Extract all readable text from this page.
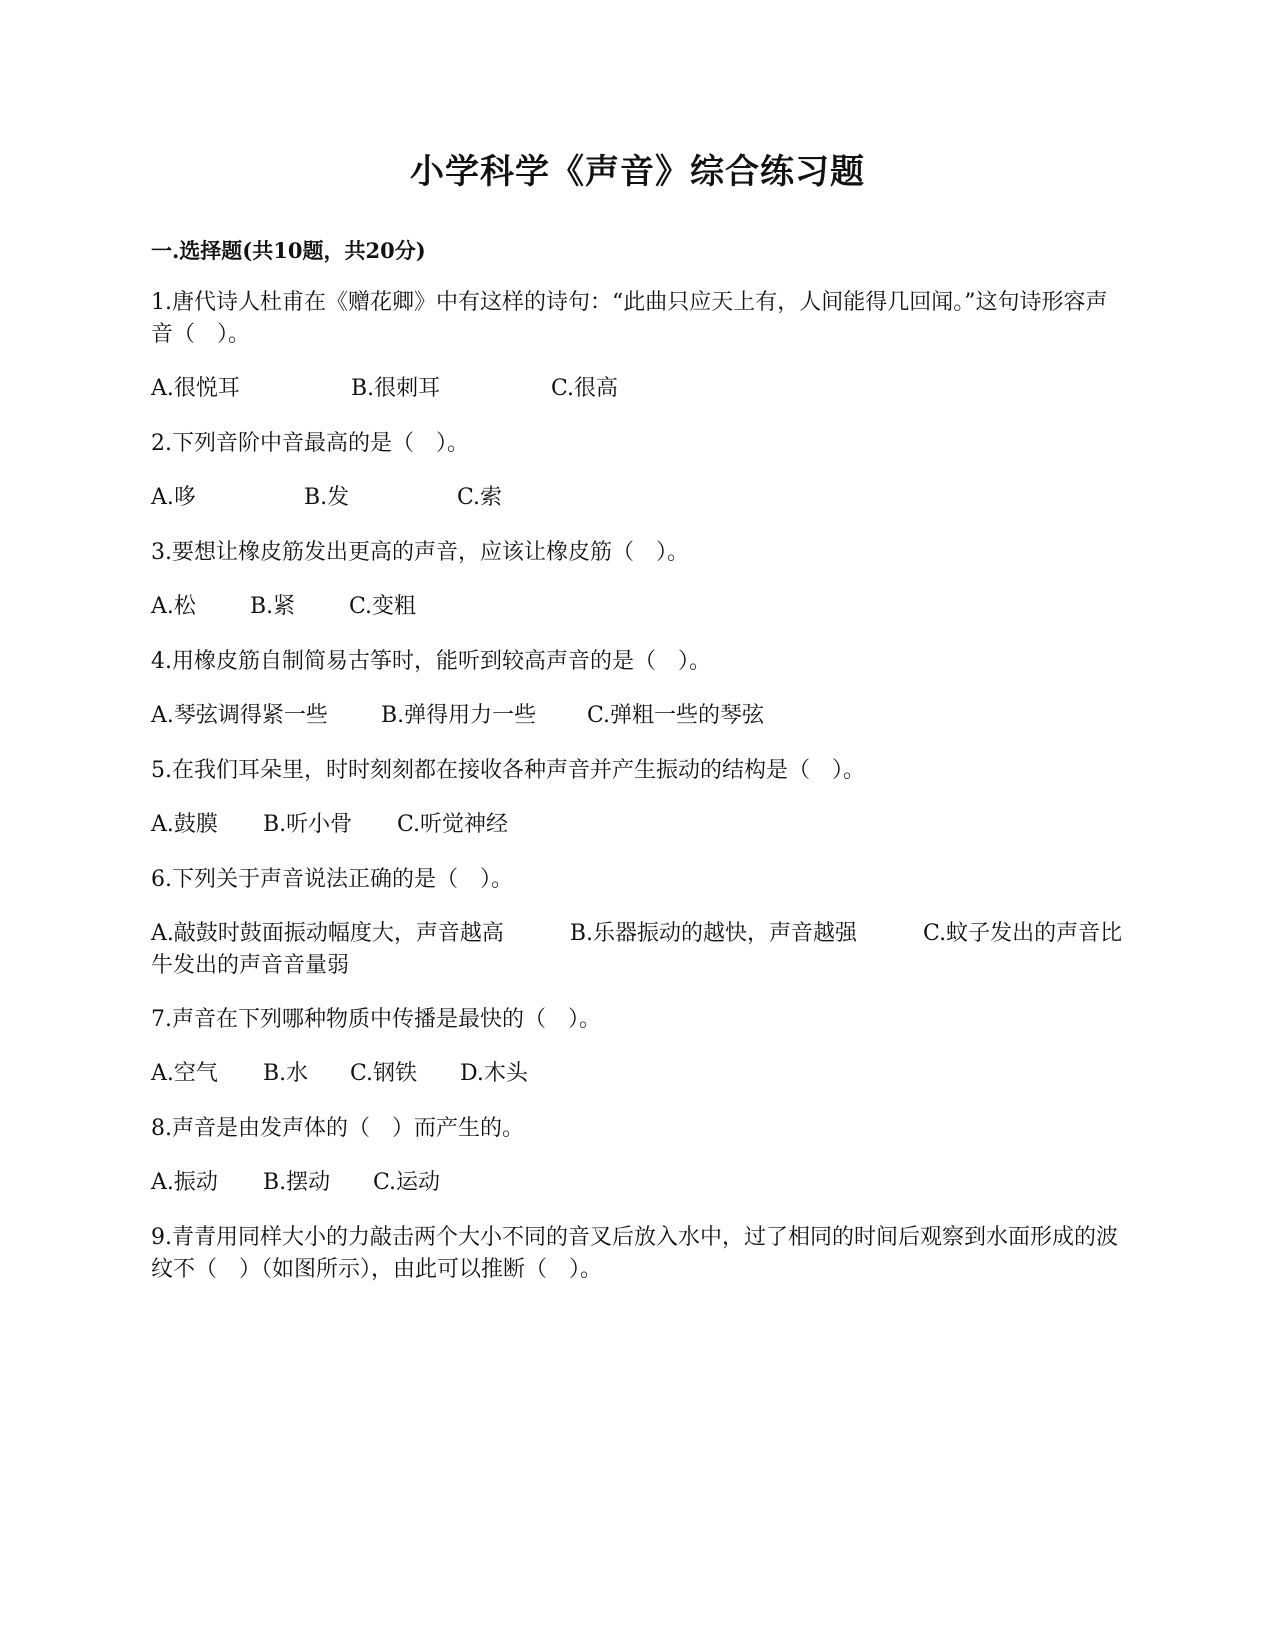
小学科学《声音》综合练习题
一.选择题(共10题，共20分)

1.唐代诗人杜甫在《赠花卿》中有这样的诗句：“此曲只应天上有，人间能得几回闻。”这句诗形容声音（　）。

A.很悦耳	B.很刺耳	C.很高

2.下列音阶中音最高的是（　）。

A.哆	B.发	C.索

3.要想让橡皮筋发出更高的声音，应该让橡皮筋（　）。

A.松 B.紧 C.变粗

4.用橡皮筋自制简易古筝时，能听到较高声音的是（　）。

A.琴弦调得紧一些 B.弹得用力一些 C.弹粗一些的琴弦

5.在我们耳朵里，时时刻刻都在接收各种声音并产生振动的结构是（　）。

A.鼓膜 B.听小骨 C.听觉神经

6.下列关于声音说法正确的是（　）。

A.敲鼓时鼓面振动幅度大，声音越高　　　B.乐器振动的越快，声音越强　　　C.蚊子发出的声音比牛发出的声音音量弱

7.声音在下列哪种物质中传播是最快的（　）。

A.空气 B.水 C.钢铁 D.木头

8.声音是由发声体的（　）而产生的。

A.振动 B.摆动 C.运动

9.青青用同样大小的力敲击两个大小不同的音叉后放入水中，过了相同的时间后观察到水面形成的波纹不（　）（如图所示），由此可以推断（　）。
